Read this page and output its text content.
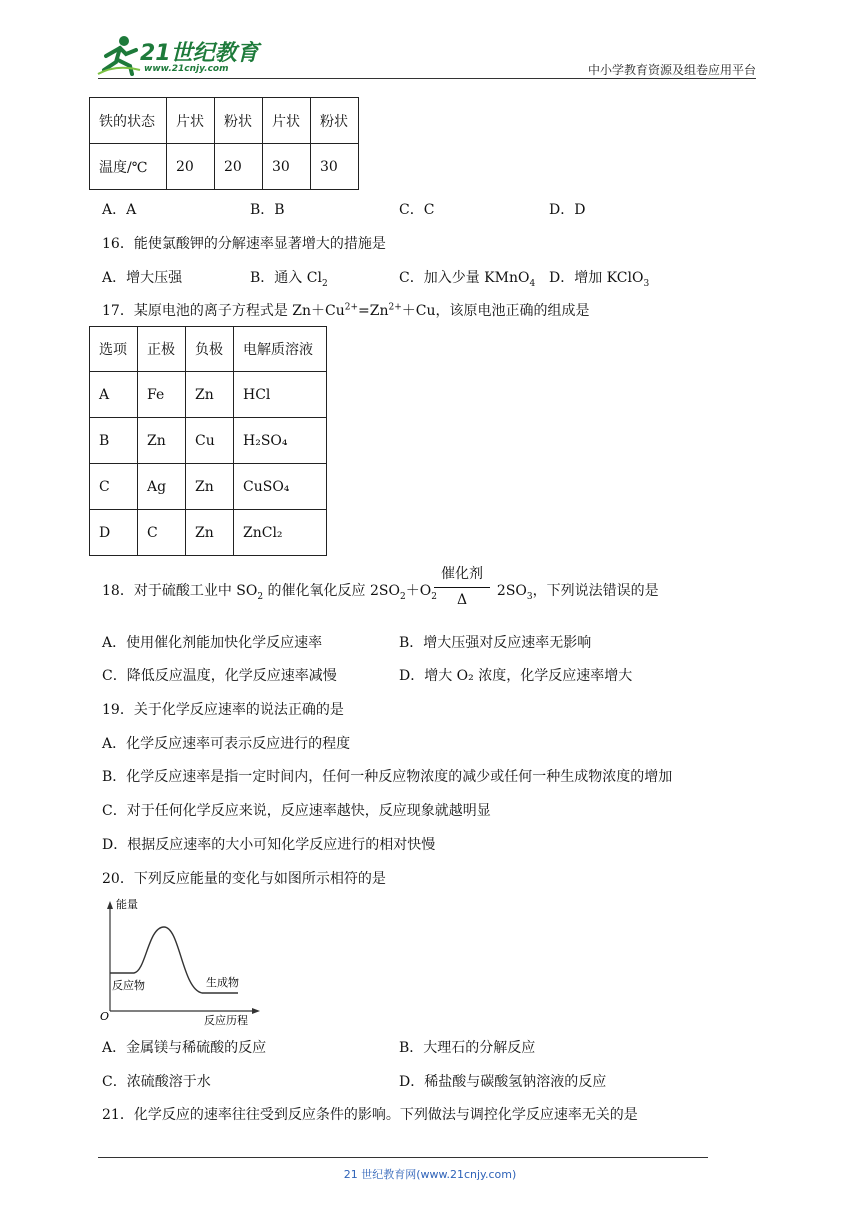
21世纪教育
www.21cnjy.com	中小学教育资源及组卷应用平台
铁的状态	片状	粉状	片状	粉状
温度/℃	20	20	30	30
A．A	B．B	C．C	D．D
16．能使氯酸钾的分解速率显著增大的措施是
A．增大压强	B．通入 $Cl_2$	C．加入少量 KMnO$_4$ D．增加 KClO$_3$
17．某原电池的离子方程式是 $Zn+Cu^{2+}=Zn^{2+}+Cu$，该原电池正确的组成是
选项	正极	负极	电解质溶液
A	Fe	Zn	HCl
B	Zn	Cu	H₂SO₄
C	Ag	Zn	CuSO₄
D	C	Zn	ZnCl₂
18．对于硫酸工业中 $SO_2$ 的催化氧化反应 $2SO_2+O_2$	$2SO_3$，下列说法错误的是
催化剂
Δ
A．使用催化剂能加快化学反应速率	B．增大压强对反应速率无影响
C．降低反应温度，化学反应速率减慢	D．增大 O₂ 浓度，化学反应速率增大
19．关于化学反应速率的说法正确的是
A．化学反应速率可表示反应进行的程度
B．化学反应速率是指一定时间内，任何一种反应物浓度的减少或任何一种生成物浓度的增加
C．对于任何化学反应来说，反应速率越快，反应现象就越明显
D．根据反应速率的大小可知化学反应进行的相对快慢
20．下列反应能量的变化与如图所示相符的是
能量
反应物	生成物
O	反应历程
A．金属镁与稀硫酸的反应	B．大理石的分解反应
C．浓硫酸溶于水	D．稀盐酸与碳酸氢钠溶液的反应
21．化学反应的速率往往受到反应条件的影响。下列做法与调控化学反应速率无关的是
21 世纪教育网(www.21cnjy.com)
